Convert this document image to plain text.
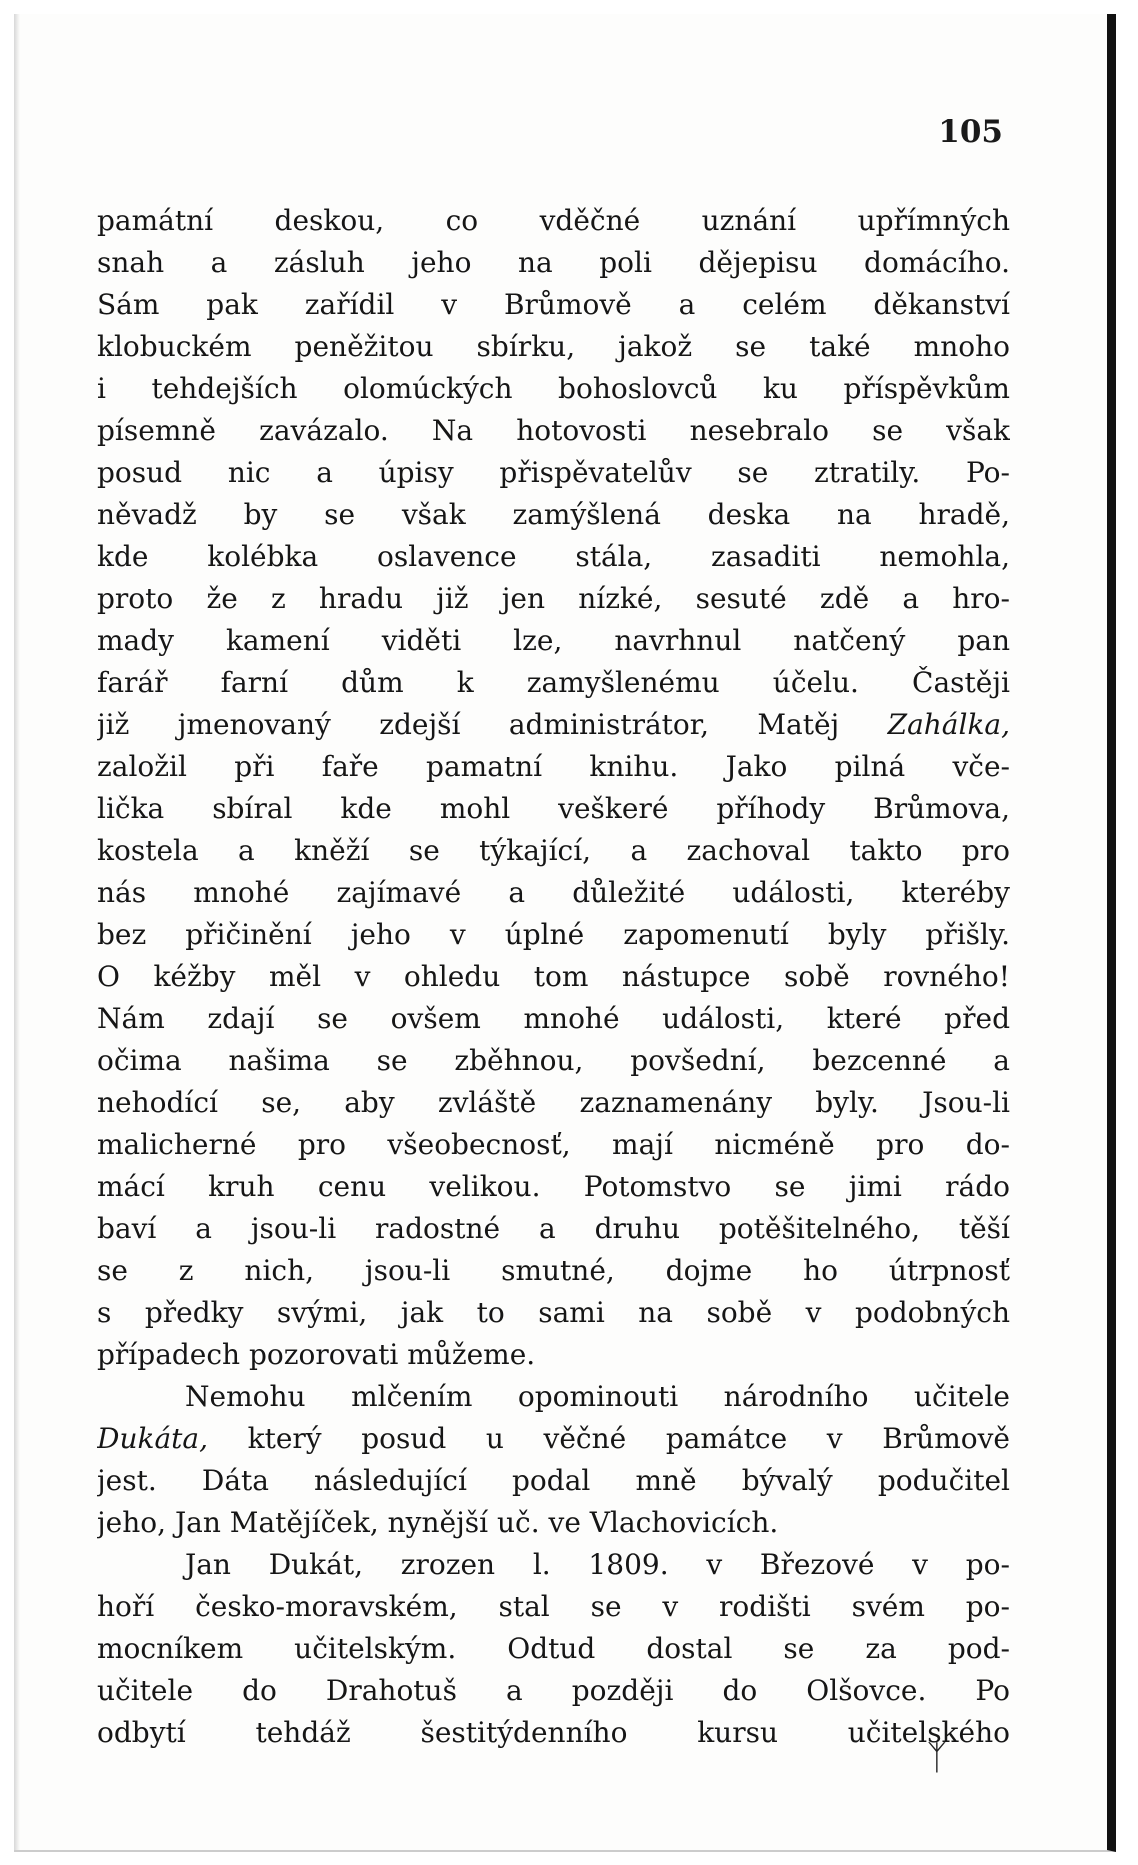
105

památní deskou, co vděčné uznání upřímných
snah a zásluh jeho na poli dějepisu domácího.
Sám pak zařídil v Brůmově a celém děkanství
klobuckém peněžitou sbírku, jakož se také mnoho
i tehdejších olomúckých bohoslovců ku příspěvkům
písemně zavázalo. Na hotovosti nesebralo se však
posud nic a úpisy přispěvatelův se ztratily. Po-
něvadž by se však zamýšlená deska na hradě,
kde kolébka oslavence stála, zasaditi nemohla,
proto že z hradu již jen nízké, sesuté zdě a hro-
mady kamení viděti lze, navrhnul natčený pan
farář farní dům k zamyšlenému účelu. Častěji
již jmenovaný zdejší administrátor, Matěj Zahálka,
založil při faře pamatní knihu. Jako pilná vče-
lička sbíral kde mohl veškeré příhody Brůmova,
kostela a kněží se týkající, a zachoval takto pro
nás mnohé zajímavé a důležité události, kteréby
bez přičinění jeho v úplné zapomenutí byly přišly.
O kéžby měl v ohledu tom nástupce sobě rovného!
Nám zdají se ovšem mnohé události, které před
očima našima se zběhnou, povšední, bezcenné a
nehodící se, aby zvláště zaznamenány byly. Jsou-li
malicherné pro všeobecnosť, mají nicméně pro do-
mácí kruh cenu velikou. Potomstvo se jimi rádo
baví a jsou-li radostné a druhu potěšitelného, těší
se z nich, jsou-li smutné, dojme ho útrpnosť
s předky svými, jak to sami na sobě v podobných
případech pozorovati můžeme.
Nemohu mlčením opominouti národního učitele
Dukáta, který posud u věčné památce v Brůmově
jest. Dáta následující podal mně bývalý podučitel
jeho, Jan Matějíček, nynější uč. ve Vlachovicích.
Jan Dukát, zrozen l. 1809. v Březové v po-
hoří česko-moravském, stal se v rodišti svém po-
mocníkem učitelským. Odtud dostal se za pod-
učitele do Drahotuš a později do Olšovce. Po
odbytí tehdáž šestitýdenního kursu učitelského
ᛉ
